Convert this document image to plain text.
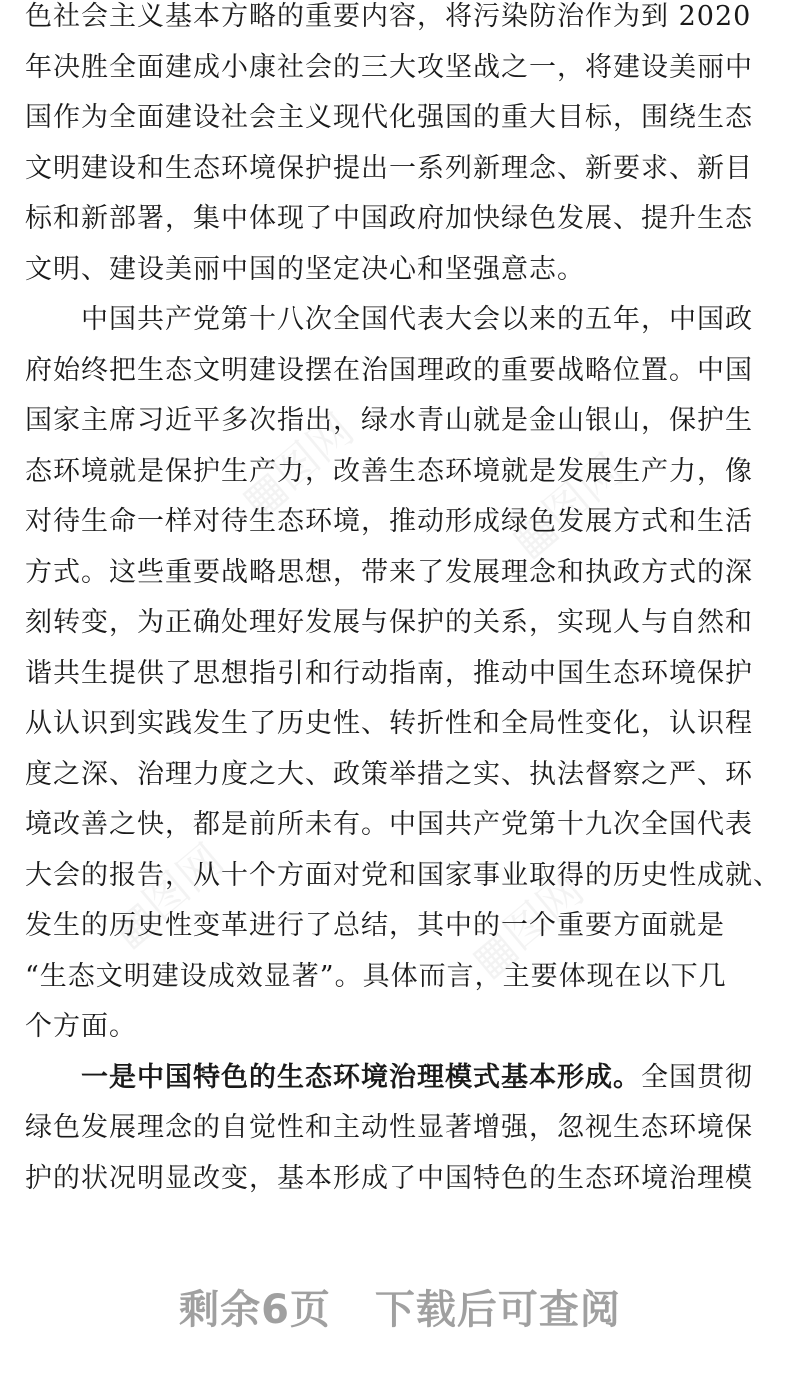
色社会主义基本方略的重要内容，将污染防治作为到 2020
年决胜全面建成小康社会的三大攻坚战之一，将建设美丽中
国作为全面建设社会主义现代化强国的重大目标，围绕生态
文明建设和生态环境保护提出一系列新理念、新要求、新目
标和新部署，集中体现了中国政府加快绿色发展、提升生态
文明、建设美丽中国的坚定决心和坚强意志。
中国共产党第十八次全国代表大会以来的五年，中国政
府始终把生态文明建设摆在治国理政的重要战略位置。中国
国家主席习近平多次指出，绿水青山就是金山银山，保护生
态环境就是保护生产力，改善生态环境就是发展生产力，像
对待生命一样对待生态环境，推动形成绿色发展方式和生活
方式。这些重要战略思想，带来了发展理念和执政方式的深
刻转变，为正确处理好发展与保护的关系，实现人与自然和
谐共生提供了思想指引和行动指南，推动中国生态环境保护
从认识到实践发生了历史性、转折性和全局性变化，认识程
度之深、治理力度之大、政策举措之实、执法督察之严、环
境改善之快，都是前所未有。中国共产党第十九次全国代表
大会的报告，从十个方面对党和国家事业取得的历史性成就、
发生的历史性变革进行了总结，其中的一个重要方面就是
“生态文明建设成效显著”。具体而言，主要体现在以下几
个方面。
一是中国特色的生态环境治理模式基本形成。全国贯彻
绿色发展理念的自觉性和主动性显著增强，忽视生态环境保
护的状况明显改变，基本形成了中国特色的生态环境治理模
剩余6页 下载后可查阅
